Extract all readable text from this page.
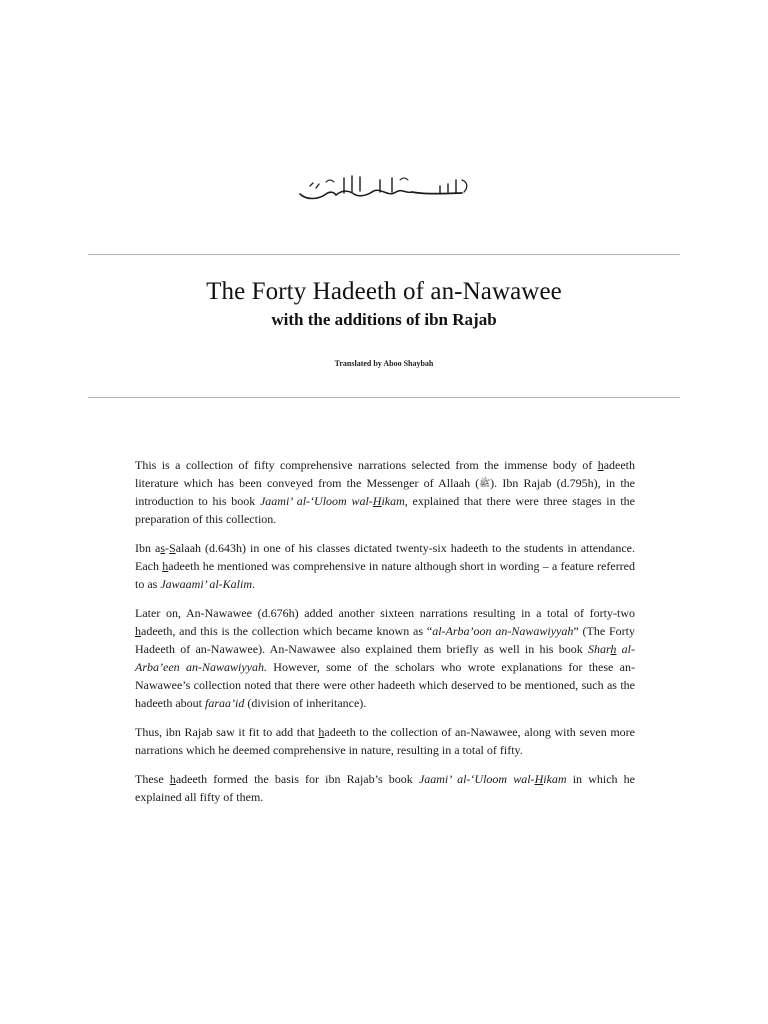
The Forty Hadeeth of an-Nawawee
with the additions of ibn Rajab
Translated by Aboo Shaybah

This is a collection of fifty comprehensive narrations selected from the immense body of hadeeth literature which has been conveyed from the Messenger of Allaah (ﷺ). Ibn Rajab (d.795h), in the introduction to his book Jaami’ al-‘Uloom wal-Hikam, explained that there were three stages in the preparation of this collection.

Ibn as-Salaah (d.643h) in one of his classes dictated twenty-six hadeeth to the students in attendance. Each hadeeth he mentioned was comprehensive in nature although short in wording – a feature referred to as Jawaami’ al-Kalim.

Later on, An-Nawawee (d.676h) added another sixteen narrations resulting in a total of forty-two hadeeth, and this is the collection which became known as “al-Arba’oon an-Nawawiyyah” (The Forty Hadeeth of an-Nawawee). An-Nawawee also explained them briefly as well in his book Sharh al-Arba’een an-Nawawiyyah. However, some of the scholars who wrote explanations for these an-Nawawee’s collection noted that there were other hadeeth which deserved to be mentioned, such as the hadeeth about faraa’id (division of inheritance).

Thus, ibn Rajab saw it fit to add that hadeeth to the collection of an-Nawawee, along with seven more narrations which he deemed comprehensive in nature, resulting in a total of fifty.

These hadeeth formed the basis for ibn Rajab’s book Jaami’ al-‘Uloom wal-Hikam in which he explained all fifty of them.
